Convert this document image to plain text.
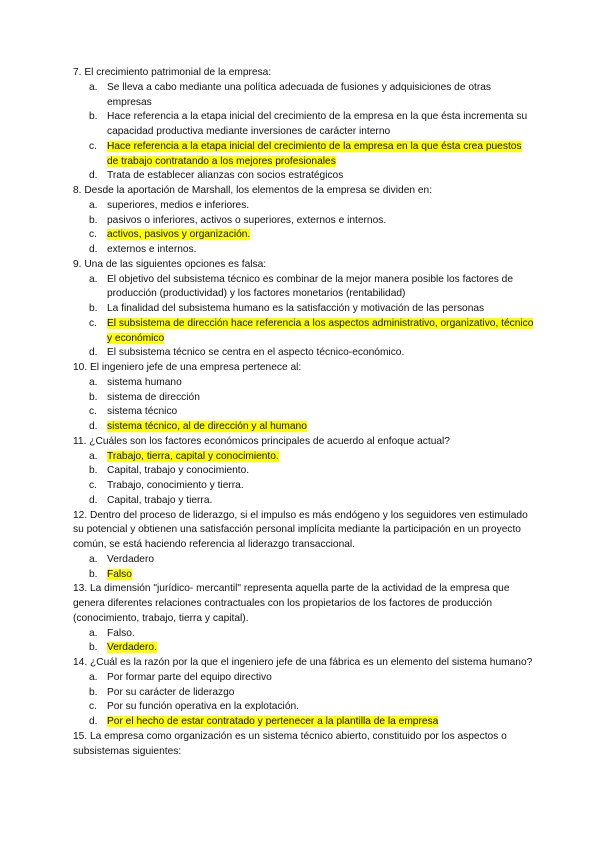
7. El crecimiento patrimonial de la empresa:

a. Se lleva a cabo mediante una política adecuada de fusiones y adquisiciones de otras empresas
b. Hace referencia a la etapa inicial del crecimiento de la empresa en la que ésta incrementa su capacidad productiva mediante inversiones de carácter interno
c. Hace referencia a la etapa inicial del crecimiento de la empresa en la que ésta crea puestos de trabajo contratando a los mejores profesionales
d. Trata de establecer alianzas con socios estratégicos

8. Desde la aportación de Marshall, los elementos de la empresa se dividen en:

a. superiores, medios e inferiores.
b. pasivos o inferiores, activos o superiores, externos e internos.
c. activos, pasivos y organización.
d. externos e internos.

9. Una de las siguientes opciones es falsa:

a. El objetivo del subsistema técnico es combinar de la mejor manera posible los factores de producción (productividad) y los factores monetarios (rentabilidad)
b. La finalidad del subsistema humano es la satisfacción y motivación de las personas
c. El subsistema de dirección hace referencia a los aspectos administrativo, organizativo, técnico y económico
d. El subsistema técnico se centra en el aspecto técnico-económico.

10. El ingeniero jefe de una empresa pertenece al:

a. sistema humano
b. sistema de dirección
c. sistema técnico
d. sistema técnico, al de dirección y al humano

11. ¿Cuáles son los factores económicos principales de acuerdo al enfoque actual?

a. Trabajo, tierra, capital y conocimiento.
b. Capital, trabajo y conocimiento.
c. Trabajo, conocimiento y tierra.
d. Capital, trabajo y tierra.

12. Dentro del proceso de liderazgo, si el impulso es más endógeno y los seguidores ven estimulado su potencial y obtienen una satisfacción personal implícita mediante la participación en un proyecto común, se está haciendo referencia al liderazgo transaccional.

a. Verdadero
b. Falso

13. La dimensión "jurídico- mercantil" representa aquella parte de la actividad de la empresa que genera diferentes relaciones contractuales con los propietarios de los factores de producción (conocimiento, trabajo, tierra y capital).

a. Falso.
b. Verdadero.

14. ¿Cuál es la razón por la que el ingeniero jefe de una fábrica es un elemento del sistema humano?

a. Por formar parte del equipo directivo
b. Por su carácter de liderazgo
c. Por su función operativa en la explotación.
d. Por el hecho de estar contratado y pertenecer a la plantilla de la empresa

15. La empresa como organización es un sistema técnico abierto, constituido por los aspectos o subsistemas siguientes:
